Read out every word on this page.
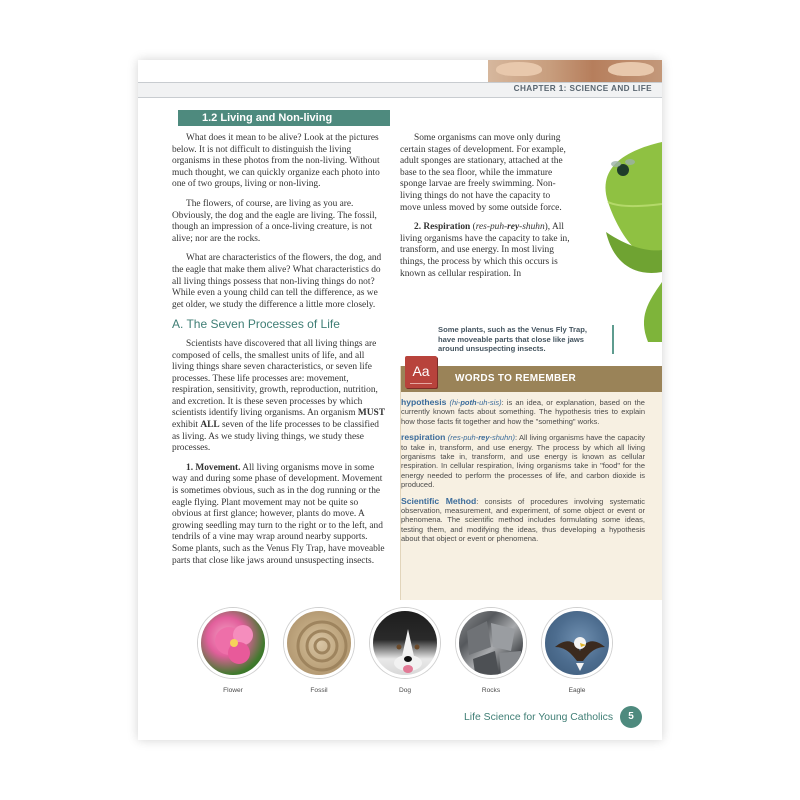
CHAPTER 1: SCIENCE AND LIFE
1.2 Living and Non-living

What does it mean to be alive? Look at the pictures below. It is not difficult to distinguish the living organisms in these photos from the non-living. Without much thought, we can quickly organize each photo into one of two groups, living or non-living.

The flowers, of course, are living as you are. Obviously, the dog and the eagle are living. The fossil, though an impression of a once-living creature, is not alive; nor are the rocks.

What are characteristics of the flowers, the dog, and the eagle that make them alive? What characteristics do all living things possess that non-living things do not? While even a young child can tell the difference, as we get older, we study the difference a little more closely.

A. The Seven Processes of Life

Scientists have discovered that all living things are composed of cells, the smallest units of life, and all living things share seven characteristics, or seven life processes. These life processes are: movement, respiration, sensitivity, growth, reproduction, nutrition, and excretion. It is these seven processes by which scientists identify living organisms. An organism MUST exhibit ALL seven of the life processes to be classified as living. As we study living things, we study these processes.

1. Movement. All living organisms move in some way and during some phase of development. Movement is sometimes obvious, such as in the dog running or the eagle flying. Plant movement may not be quite so obvious at first glance; however, plants do move. A growing seedling may turn to the right or to the left, and tendrils of a vine may wrap around nearby supports. Some plants, such as the Venus Fly Trap, have moveable parts that close like jaws around unsuspecting insects.

Some organisms can move only during certain stages of development. For example, adult sponges are stationary, attached at the base to the sea floor, while the immature sponge larvae are freely swimming. Non-living things do not have the capacity to move unless moved by some outside force.

2. Respiration (res-puh-rey-shuhn), All living organisms have the capacity to take in, transform, and use energy. In most living things, the process by which this occurs is known as cellular respiration. In

Some plants, such as the Venus Fly Trap, have moveable parts that close like jaws around unsuspecting insects.
WORDS TO REMEMBER
Aa
hypothesis (hi-poth-uh-sis): is an idea, or explanation, based on the currently known facts about something. The hypothesis tries to explain how those facts fit together and how the "something" works.
respiration (res-puh-rey-shuhn): All living organisms have the capacity to take in, transform, and use energy. The process by which all living organisms take in, transform, and use energy is known as cellular respiration. In cellular respiration, living organisms take in "food" for the energy needed to perform the processes of life, and carbon dioxide is produced.
Scientific Method: consists of procedures involving systematic observation, measurement, and experiment, of some object or event or phenomena. The scientific method includes formulating some ideas, testing them, and modifying the ideas, thus developing a hypothesis about that object or event or phenomena.
Flower	Fossil	Dog	Rocks	Eagle
Life Science for Young Catholics	5
